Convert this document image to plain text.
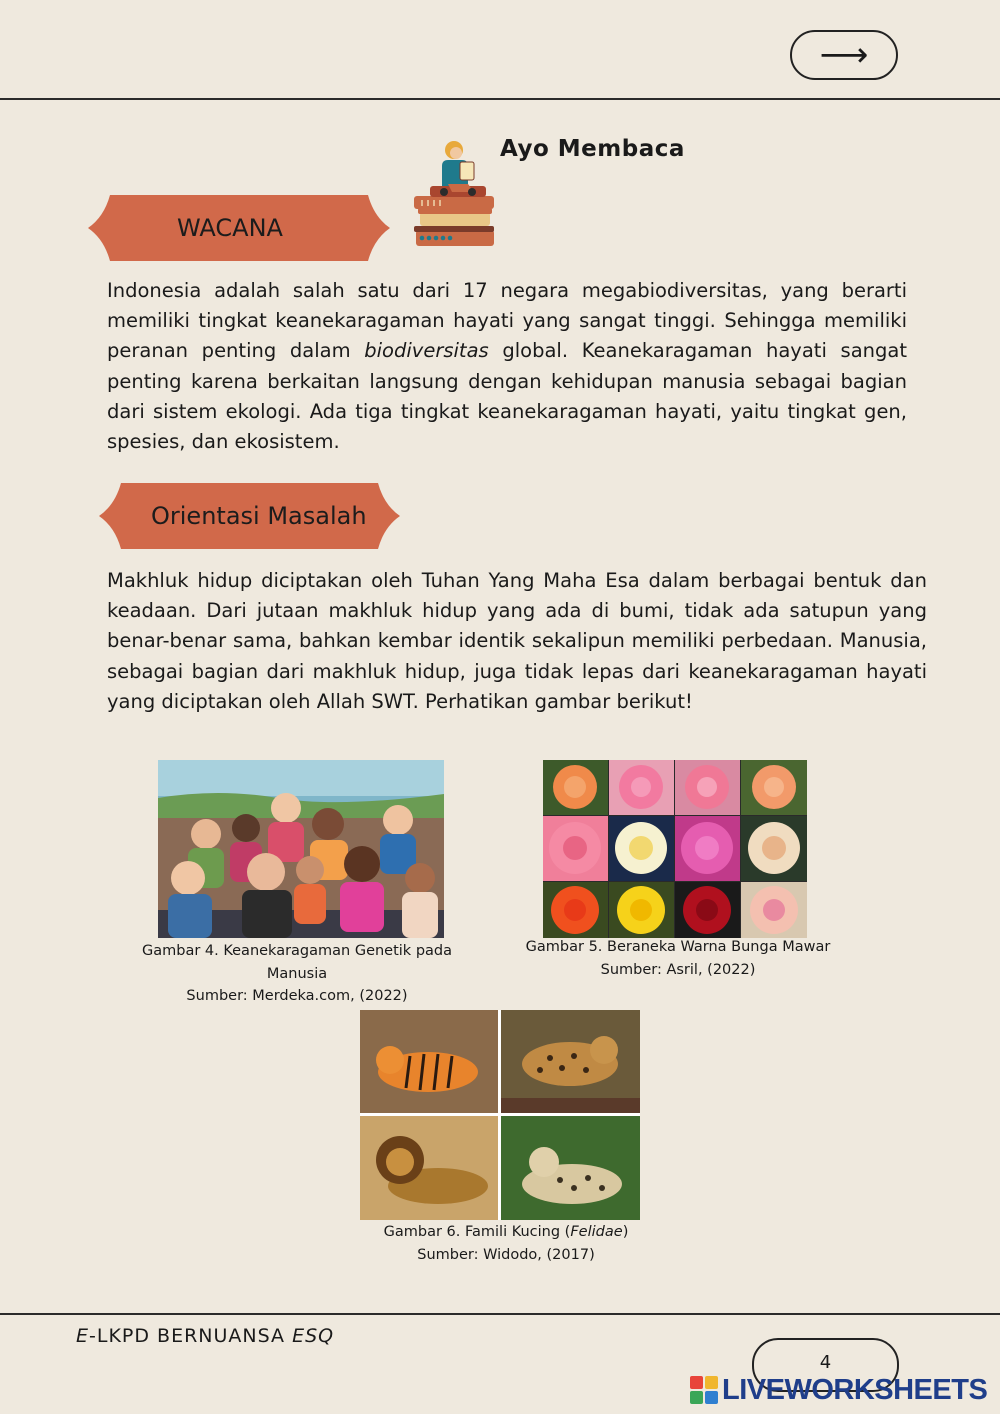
⟶
Ayo Membaca
WACANA
Indonesia adalah salah satu dari 17 negara megabiodiversitas, yang berarti memiliki tingkat keanekaragaman hayati yang sangat tinggi. Sehingga memiliki peranan penting dalam biodiversitas global. Keanekaragaman hayati sangat penting karena berkaitan langsung dengan kehidupan manusia sebagai bagian dari sistem ekologi. Ada tiga tingkat keanekaragaman hayati, yaitu tingkat gen, spesies, dan ekosistem.
Orientasi Masalah
Makhluk hidup diciptakan oleh Tuhan Yang Maha Esa dalam berbagai bentuk dan keadaan. Dari jutaan makhluk hidup yang ada di bumi, tidak ada satupun yang benar-benar sama, bahkan kembar identik sekalipun memiliki perbedaan. Manusia, sebagai bagian dari makhluk hidup, juga tidak lepas dari keanekaragaman hayati yang diciptakan oleh Allah SWT. Perhatikan gambar berikut!
Gambar 4. Keanekaragaman Genetik pada Manusia
Sumber: Merdeka.com, (2022)
Gambar 5. Beraneka Warna Bunga Mawar
Sumber: Asril, (2022)
Gambar 6. Famili Kucing (Felidae)
Sumber: Widodo, (2017)
E-LKPD BERNUANSA ESQ
4
LIVEWORKSHEETS
